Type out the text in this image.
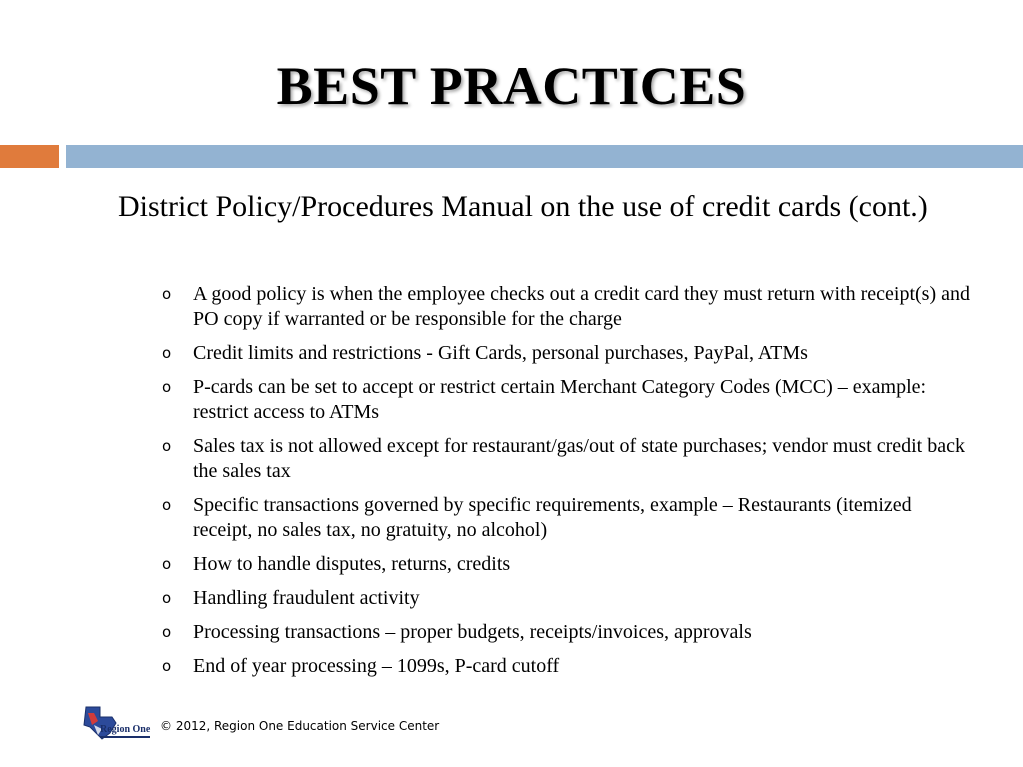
BEST PRACTICES
District Policy/Procedures Manual on the use of credit cards (cont.)
o A good policy is when the employee checks out a credit card they must return with receipt(s) and PO copy if warranted or be responsible for the charge
o Credit limits and restrictions - Gift Cards, personal purchases, PayPal, ATMs
o P-cards can be set to accept or restrict certain Merchant Category Codes (MCC) – example: restrict access to ATMs
o Sales tax is not allowed except for restaurant/gas/out of state purchases; vendor must credit back the sales tax
o Specific transactions governed by specific requirements, example – Restaurants (itemized receipt, no sales tax, no gratuity, no alcohol)
o How to handle disputes, returns, credits
o Handling fraudulent activity
o Processing transactions – proper budgets, receipts/invoices, approvals
o End of year processing – 1099s, P-card cutoff
Region One © 2012, Region One Education Service Center
